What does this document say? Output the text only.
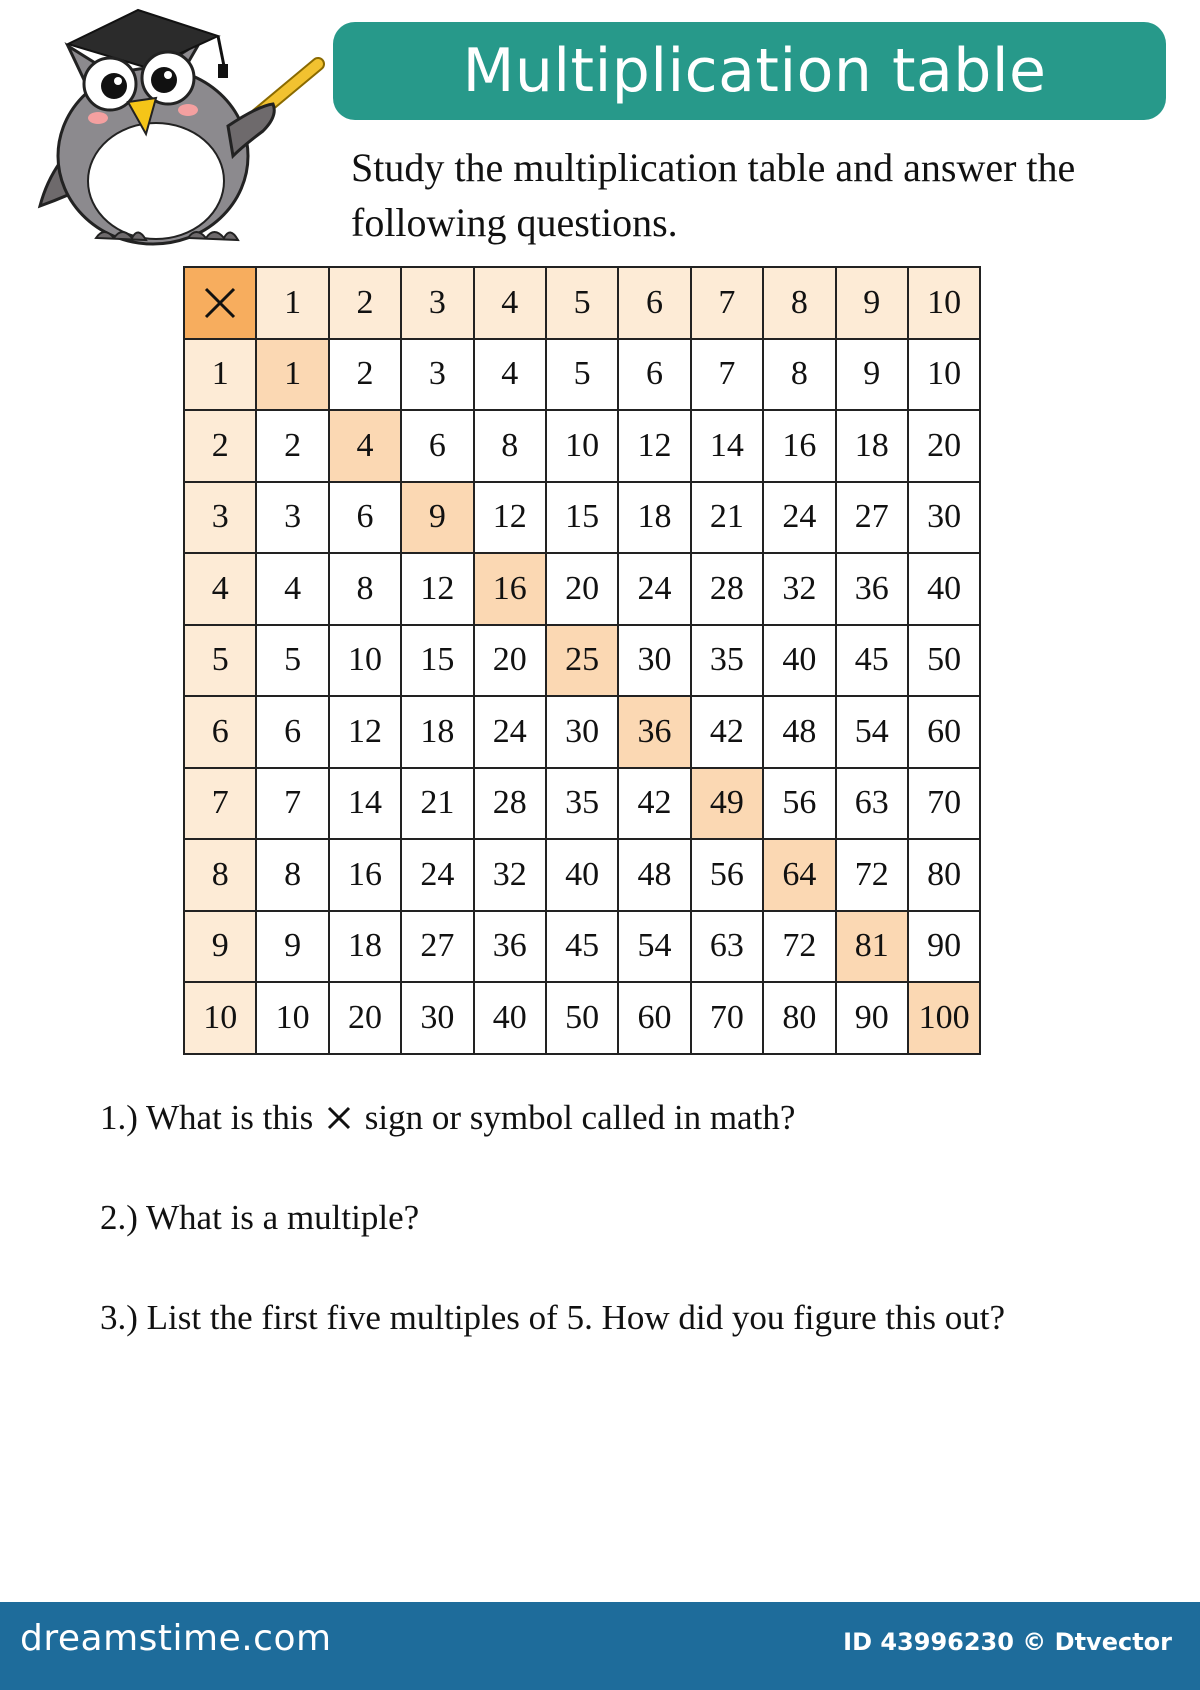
Multiplication table

Study the multiplication table and answer the following questions.

	1	2	3	4	5	6	7	8	9	10
1	1	2	3	4	5	6	7	8	9	10
2	2	4	6	8	10	12	14	16	18	20
3	3	6	9	12	15	18	21	24	27	30
4	4	8	12	16	20	24	28	32	36	40
5	5	10	15	20	25	30	35	40	45	50
6	6	12	18	24	30	36	42	48	54	60
7	7	14	21	28	35	42	49	56	63	70
8	8	16	24	32	40	48	56	64	72	80
9	9	18	27	36	45	54	63	72	81	90
10	10	20	30	40	50	60	70	80	90	100
1.) What is this sign or symbol called in math?
2.) What is a multiple?
3.) List the first five multiples of 5. How did you figure this out?
dreamstime.com	ID 43996230 © Dtvector
